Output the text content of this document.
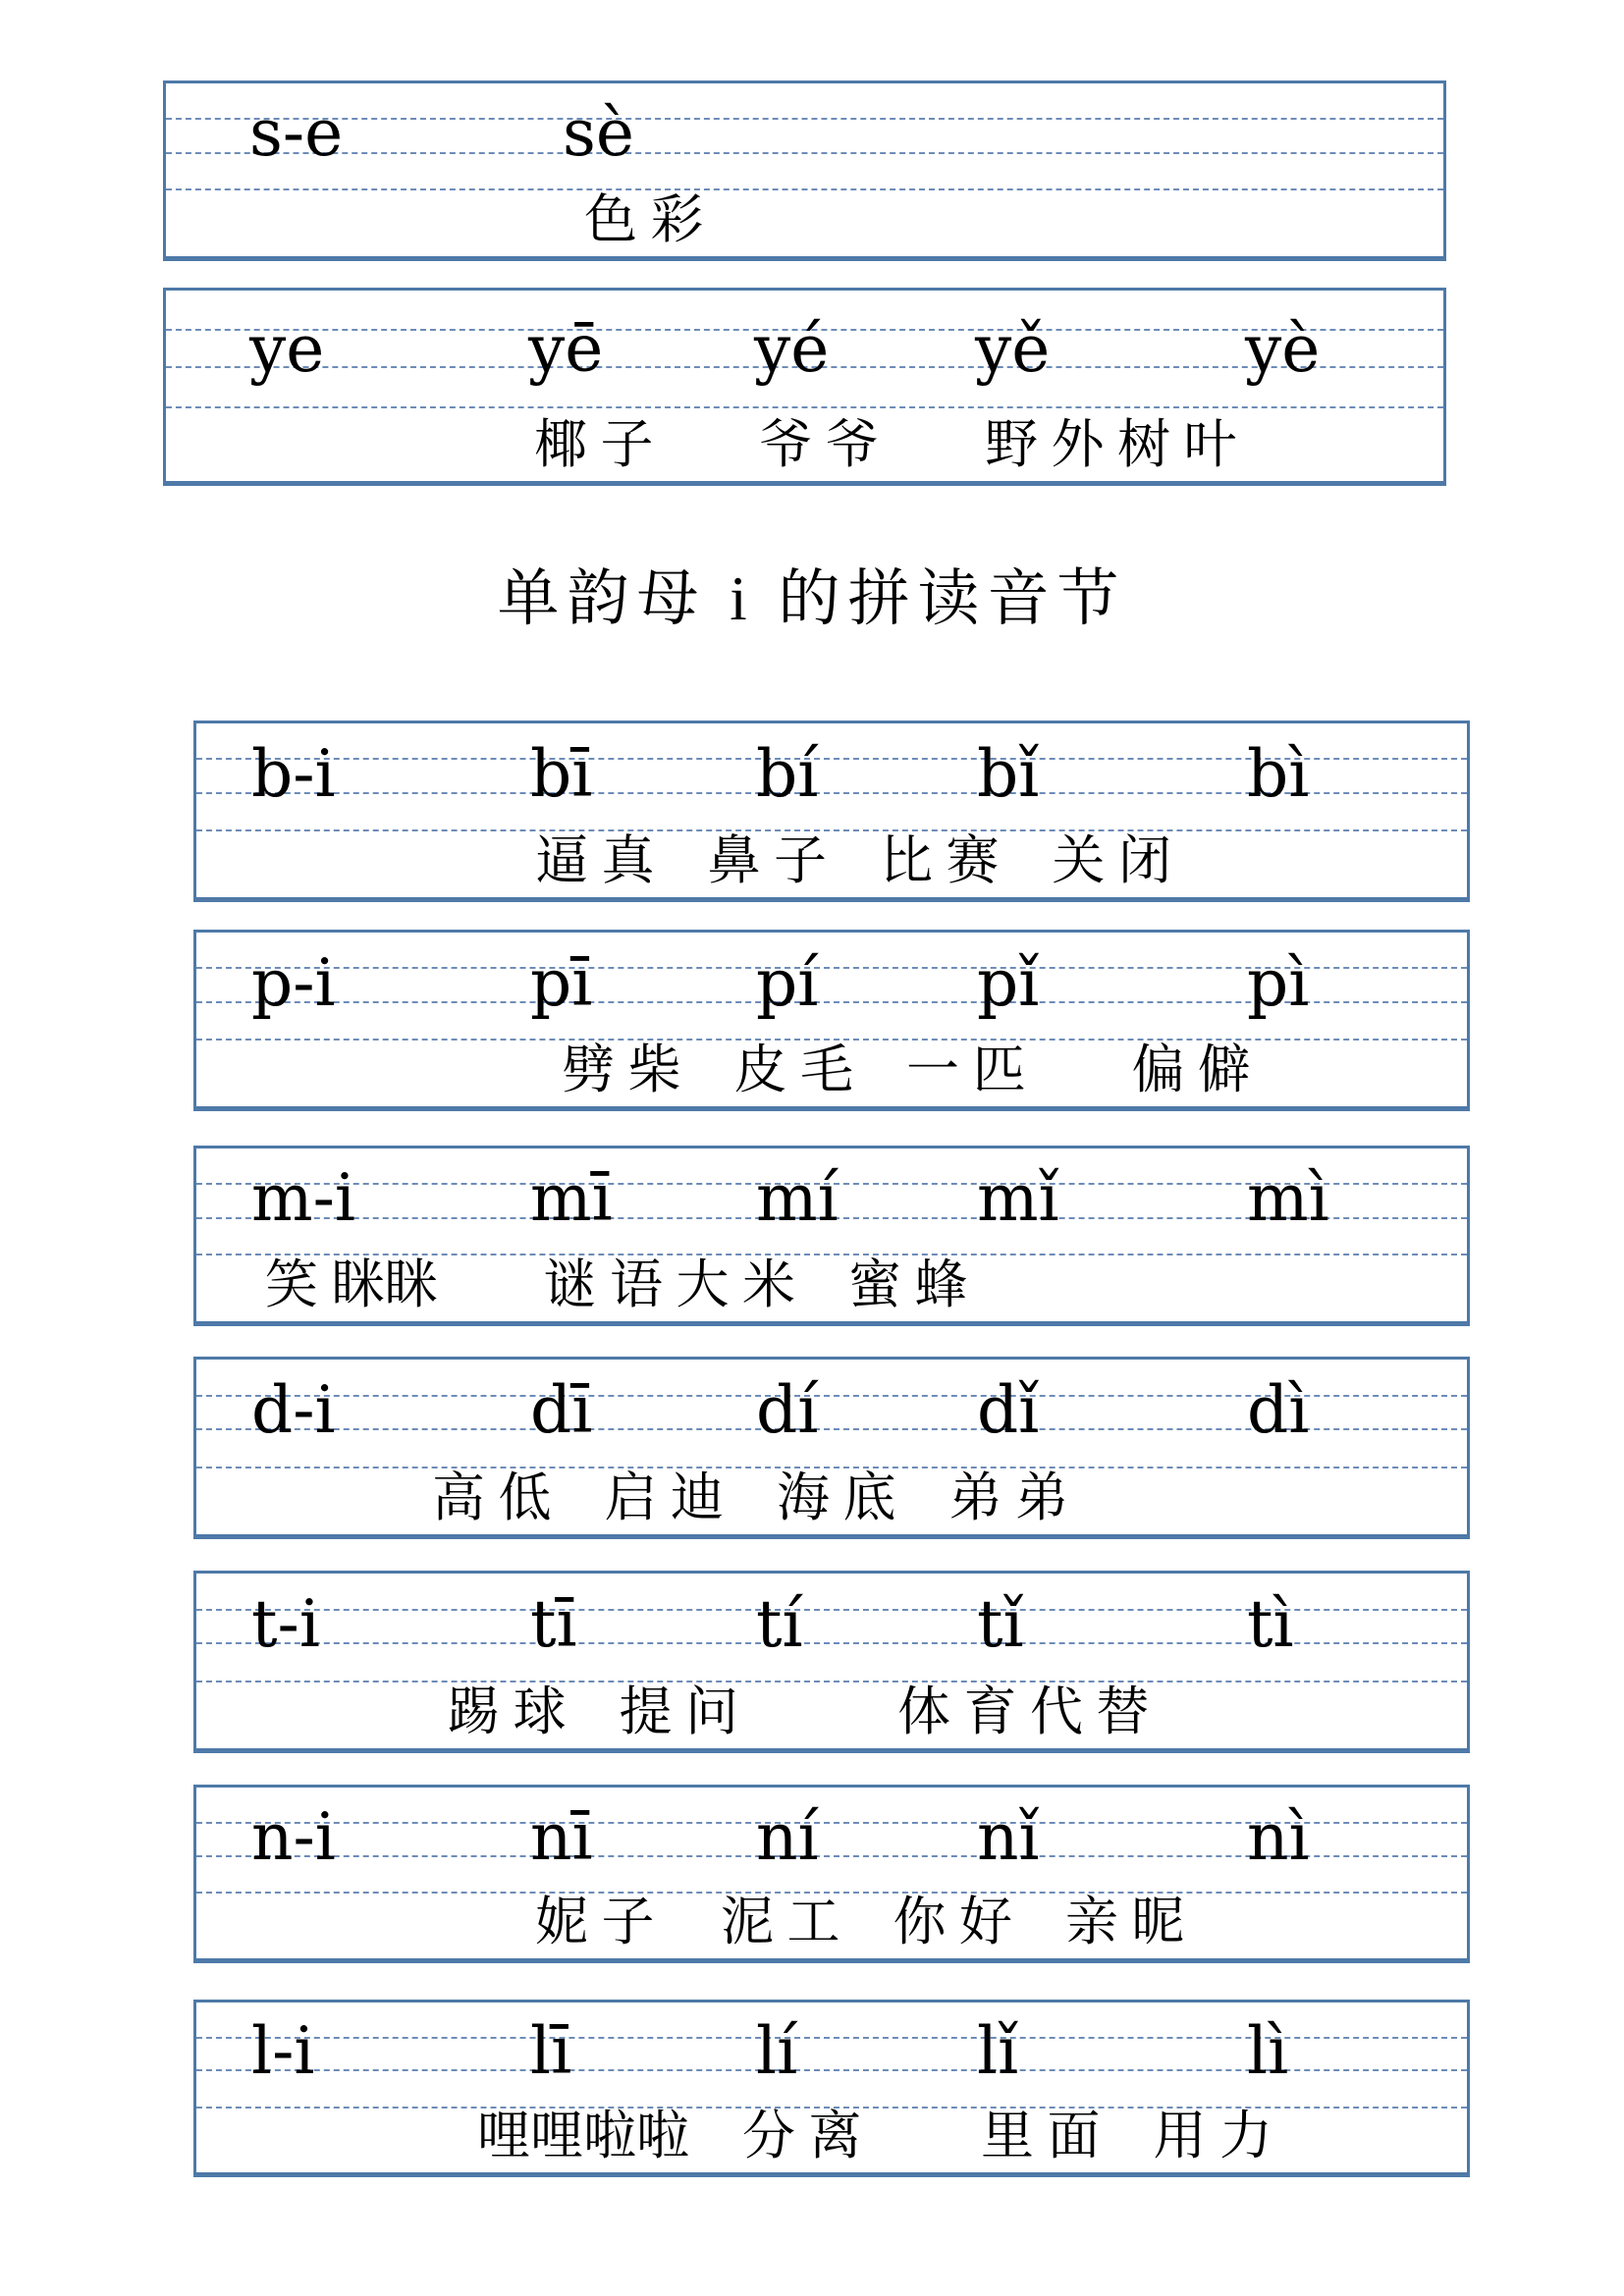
s-e	sè
色 彩
ye	yē	yé	yě	yè
椰 子　　爷 爷　　野 外 树 叶
单韵母 i 的拼读音节
b-i	bī	bí	bǐ	bì
逼 真　鼻 子　比 赛　关 闭
p-i	pī	pí	pǐ	pì
劈 柴　皮 毛　一 匹　　偏 僻
m-i	mī	mí	mǐ	mì
笑 眯眯　　谜 语 大 米　蜜 蜂
d-i	dī	dí	dǐ	dì
高 低　启 迪　海 底　弟 弟
t-i	tī	tí	tǐ	tì
踢 球　提 问　　　体 育 代 替
n-i	nī	ní	nǐ	nì
妮 子　 泥 工　你 好　亲 昵
l-i	lī	lí	lǐ	lì
哩哩啦啦　分 离　　 里 面　用 力
